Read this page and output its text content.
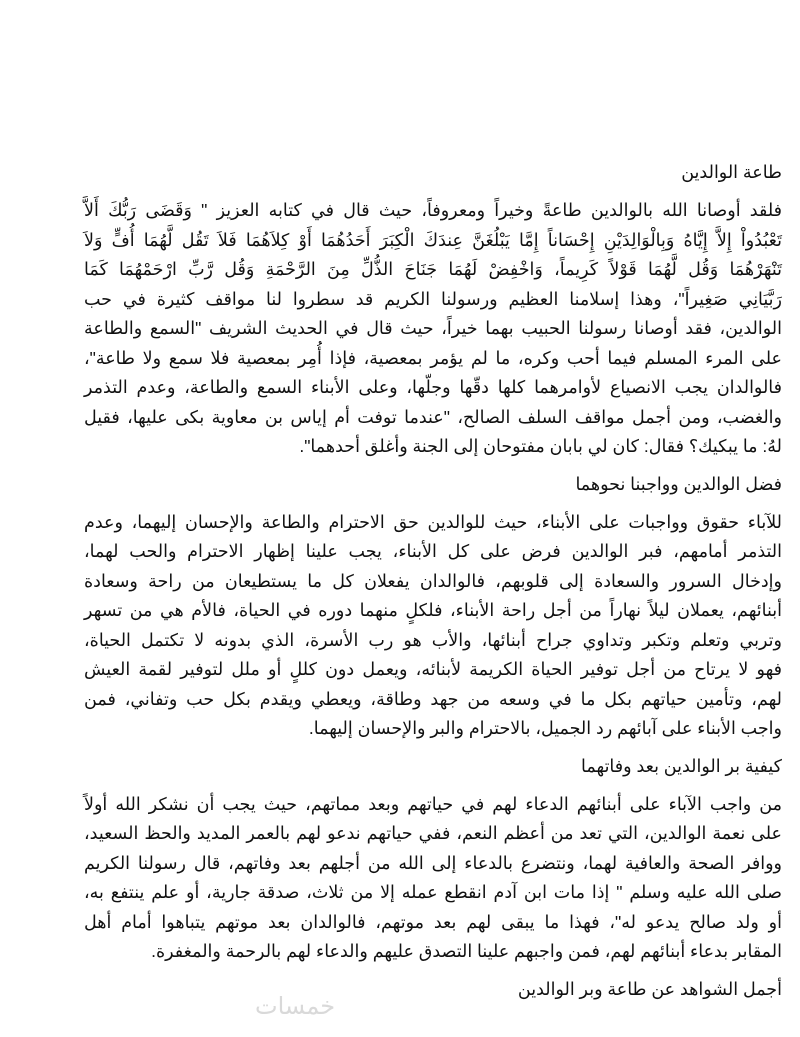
طاعة الوالدين
فلقد أوصانا الله بالوالدين طاعةً وخيراً ومعروفاً، حيث قال في كتابه العزيز " وَقَضَى رَبُّكَ أَلاَّ
تَعْبُدُواْ إِلاَّ إِيَّاهُ وَبِالْوَالِدَيْنِ إِحْسَاناً إِمَّا يَبْلُغَنَّ عِندَكَ الْكِبَرَ أَحَدُهُمَا أَوْ كِلاَهُمَا فَلاَ تَقُل لَّهُمَا أُفٍّ وَلاَ
تَنْهَرْهُمَا وَقُل لَّهُمَا قَوْلاً كَرِيماً، وَاخْفِضْ لَهُمَا جَنَاحَ الذُّلِّ مِنَ الرَّحْمَةِ وَقُل رَّبِّ ارْحَمْهُمَا كَمَا
رَبَّيَانِي صَغِيراً"، وهذا إسلامنا العظيم ورسولنا الكريم قد سطروا لنا مواقف كثيرة في حب
الوالدين، فقد أوصانا رسولنا الحبيب بهما خيراً، حيث قال في الحديث الشريف "السمع والطاعة
على المرء المسلم فيما أحب وكره، ما لم يؤمر بمعصية، فإذا أُمِر بمعصية فلا سمع ولا طاعة"،
فالوالدان يجب الانصياع لأوامرهما كلها دقّها وجلّها، وعلى الأبناء السمع والطاعة، وعدم التذمر
والغضب، ومن أجمل مواقف السلف الصالح، "عندما توفت أم إياس بن معاوية بكى عليها، فقيل
لهُ: ما يبكيك؟ فقال: كان لي بابان مفتوحان إلى الجنة وأغلق أحدهما".
فضل الوالدين وواجبنا نحوهما
للآباء حقوق وواجبات على الأبناء، حيث للوالدين حق الاحترام والطاعة والإحسان إليهما، وعدم
التذمر أمامهم، فبر الوالدين فرض على كل الأبناء، يجب علينا إظهار الاحترام والحب لهما،
وإدخال السرور والسعادة إلى قلوبهم، فالوالدان يفعلان كل ما يستطيعان من راحة وسعادة
أبنائهم، يعملان ليلاً نهاراً من أجل راحة الأبناء، فلكلٍ منهما دوره في الحياة، فالأم هي من تسهر
وتربي وتعلم وتكبر وتداوي جراح أبنائها، والأب هو رب الأسرة، الذي بدونه لا تكتمل الحياة،
فهو لا يرتاح من أجل توفير الحياة الكريمة لأبنائه، ويعمل دون كللٍ أو ملل لتوفير لقمة العيش
لهم، وتأمين حياتهم بكل ما في وسعه من جهد وطاقة، ويعطي ويقدم بكل حب وتفاني، فمن
واجب الأبناء على آبائهم رد الجميل، بالاحترام والبر والإحسان إليهما.
كيفية بر الوالدين بعد وفاتهما
من واجب الآباء على أبنائهم الدعاء لهم في حياتهم وبعد مماتهم، حيث يجب أن نشكر الله أولاً
على نعمة الوالدين، التي تعد من أعظم النعم، ففي حياتهم ندعو لهم بالعمر المديد والحظ السعيد،
ووافر الصحة والعافية لهما، ونتضرع بالدعاء إلى الله من أجلهم بعد وفاتهم، قال رسولنا الكريم
صلى الله عليه وسلم " إذا مات ابن آدم انقطع عمله إلا من ثلاث، صدقة جارية، أو علم ينتفع به،
أو ولد صالح يدعو له"، فهذا ما يبقى لهم بعد موتهم، فالوالدان بعد موتهم يتباهوا أمام أهل
المقابر بدعاء أبنائهم لهم، فمن واجبهم علينا التصدق عليهم والدعاء لهم بالرحمة والمغفرة.
أجمل الشواهد عن طاعة وبر الوالدين
خمسات
